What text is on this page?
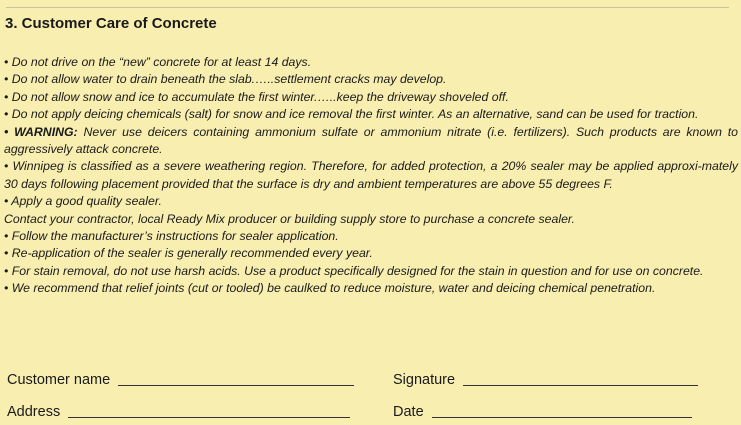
3. Customer Care of Concrete
• Do not drive on the “new” concrete for at least 14 days.
• Do not allow water to drain beneath the slab.…..settlement cracks may develop.
• Do not allow snow and ice to accumulate the first winter.…..keep the driveway shoveled off.
• Do not apply deicing chemicals (salt) for snow and ice removal the first winter. As an alternative, sand can be used for traction.
• WARNING: Never use deicers containing ammonium sulfate or ammonium nitrate (i.e. fertilizers). Such products are known to aggressively attack concrete.
• Winnipeg is classified as a severe weathering region. Therefore, for added protection, a 20% sealer may be applied approxi-mately 30 days following placement provided that the surface is dry and ambient temperatures are above 55 degrees F.
• Apply a good quality sealer.
Contact your contractor, local Ready Mix producer or building supply store to purchase a concrete sealer.
• Follow the manufacturer’s instructions for sealer application.
• Re-application of the sealer is generally recommended every year.
• For stain removal, do not use harsh acids. Use a product specifically designed for the stain in question and for use on concrete.
• We recommend that relief joints (cut or tooled) be caulked to reduce moisture, water and deicing chemical penetration.
Customer name	Signature
Address	Date
